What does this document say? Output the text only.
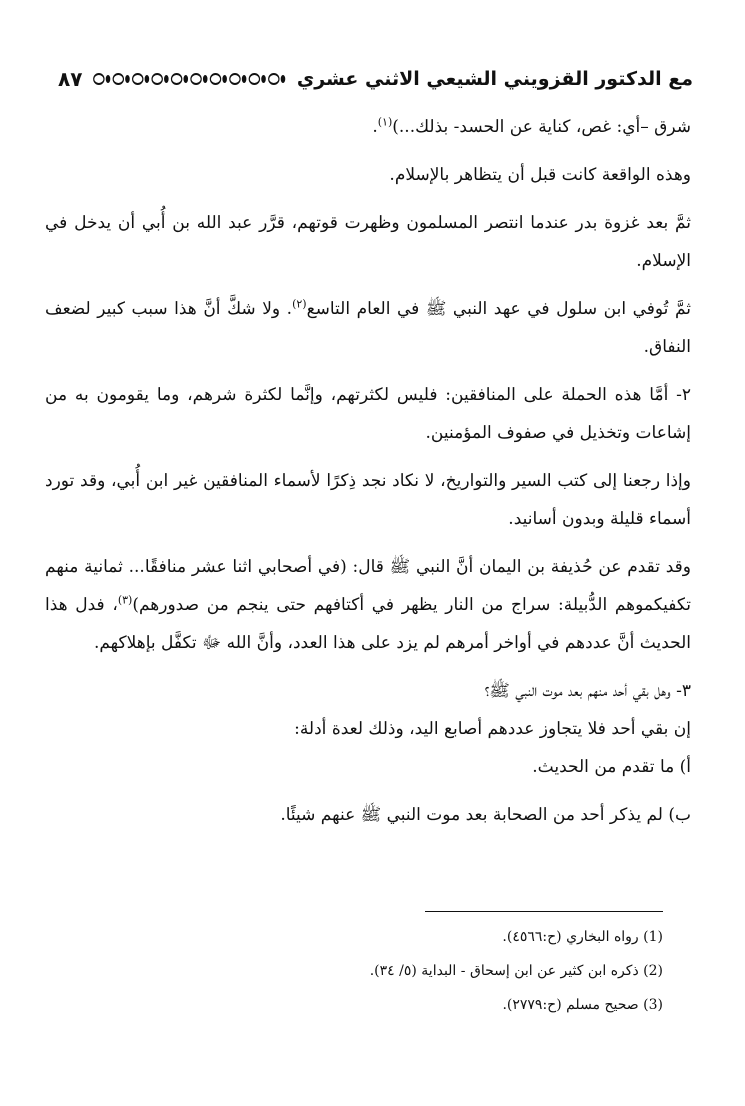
مع الدكتور القزويني الشيعي الاثني عشري
٨٧

شرق –أي: غص، كناية عن الحسد- بذلك...)$^{(١)}$.

وهذه الواقعة كانت قبل أن يتظاهر بالإسلام.

ثمَّ بعد غزوة بدر عندما انتصر المسلمون وظهرت قوتهم، قرَّر عبد الله بن أُبي أن يدخل في الإسلام.

ثمَّ تُوفي ابن سلول في عهد النبي ﷺ في العام التاسع$^{(٢)}$. ولا شكَّ أنَّ هذا سبب كبير لضعف النفاق.

٢- أمَّا هذه الحملة على المنافقين: فليس لكثرتهم، وإنَّما لكثرة شرهم، وما يقومون به من إشاعات وتخذيل في صفوف المؤمنين.

وإذا رجعنا إلى كتب السير والتواريخ، لا نكاد نجد ذِكرًا لأسماء المنافقين غير ابن أُبي، وقد تورد أسماء قليلة وبدون أسانيد.

وقد تقدم عن حُذيفة بن اليمان أنَّ النبي ﷺ قال: (في أصحابي اثنا عشر منافقًا... ثمانية منهم تكفيكموهم الدُّبيلة: سراج من النار يظهر في أكتافهم حتى ينجم من صدورهم)$^{(٣)}$، فدل هذا الحديث أنَّ عددهم في أواخر أمرهم لم يزد على هذا العدد، وأنَّ الله ﷻ تكفَّل بإهلاكهم.

٣- وهل بقي أحد منهم بعد موت النبي ﷺ؟

إن بقي أحد فلا يتجاوز عددهم أصابع اليد، وذلك لعدة أدلة:

أ) ما تقدم من الحديث.

ب) لم يذكر أحد من الصحابة بعد موت النبي ﷺ عنهم شيئًا.

(1) رواه البخاري (ح:٤٥٦٦).
(2) ذكره ابن كثير عن ابن إسحاق - البداية (٥/ ٣٤).
(3) صحيح مسلم (ح:٢٧٧٩).
